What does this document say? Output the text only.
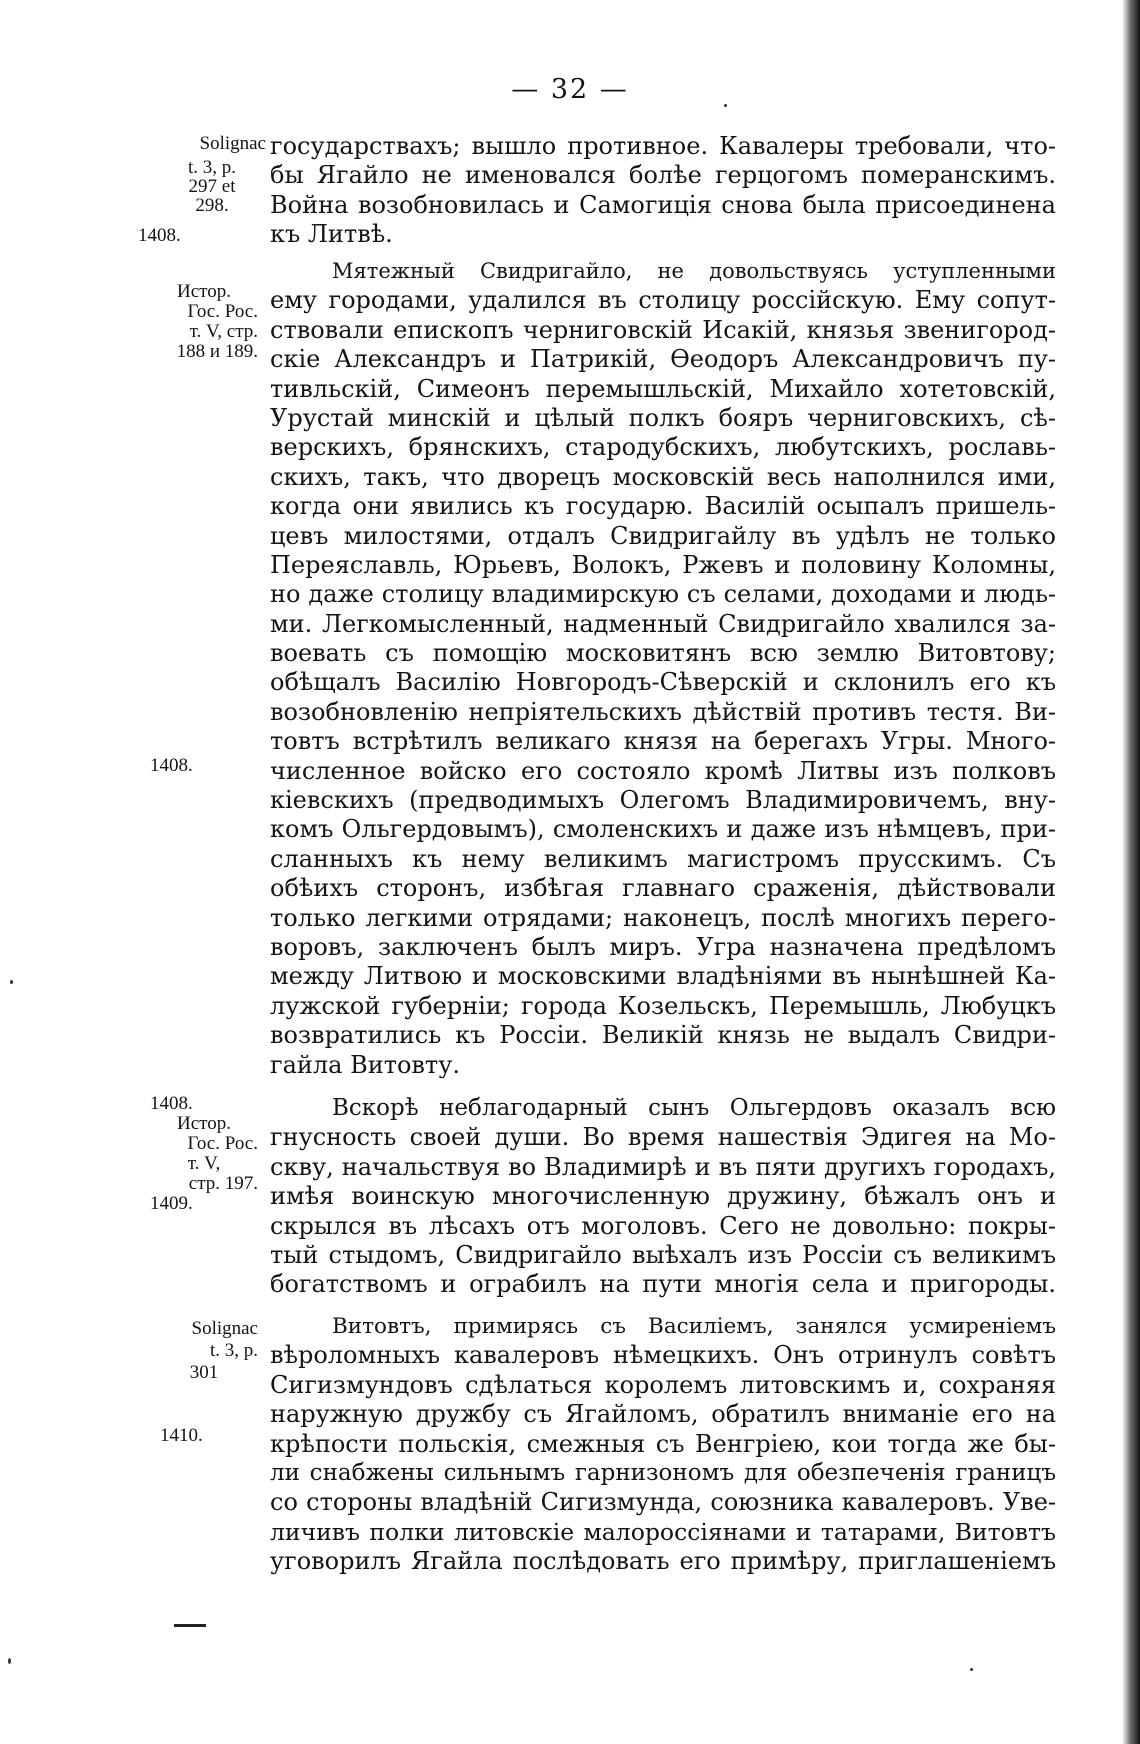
— 32 —
Solignac
t. 3, p.
297 et
298.
1408.
Истор.
Гос. Рос.
т. V, стр.
188 и 189.
1408.
1408.
Истор.
Гос. Рос.
т. V,
стр. 197.
1409.
Solignac
t. 3, p.
301
1410.
государствахъ; вышло противное. Кавалеры требовали, что-
бы Ягайло не именовался болѣе герцогомъ померанскимъ.
Война возобновилась и Самогицiя снова была присоединена
къ Литвѣ.
Мятежный Свидригайло, не довольствуясь уступленными
ему городами, удалился въ столицу россiйскую. Ему сопут-
ствовали епископъ черниговскiй Исакiй, князья звенигород-
скiе Александръ и Патрикiй, Ѳеодоръ Александровичъ пу-
тивльскiй, Симеонъ перемышльскiй, Михайло хотетовскiй,
Урустай минскiй и цѣлый полкъ бояръ черниговскихъ, сѣ-
верскихъ, брянскихъ, стародубскихъ, любутскихъ, рославь-
скихъ, такъ, что дворецъ московскiй весь наполнился ими,
когда они явились къ государю. Василiй осыпалъ пришель-
цевъ милостями, отдалъ Свидригайлу въ удѣлъ не только
Переяславль, Юрьевъ, Волокъ, Ржевъ и половину Коломны,
но даже столицу владимирскую съ селами, доходами и людь-
ми. Легкомысленный, надменный Свидригайло хвалился за-
воевать съ помощiю московитянъ всю землю Витовтову;
обѣщалъ Василiю Новгородъ-Сѣверскiй и склонилъ его къ
возобновленiю непрiятельскихъ дѣйствiй противъ тестя. Ви-
товтъ встрѣтилъ великаго князя на берегахъ Угры. Много-
численное войско его состояло кромѣ Литвы изъ полковъ
кiевскихъ (предводимыхъ Олегомъ Владимировичемъ, вну-
комъ Ольгердовымъ), смоленскихъ и даже изъ нѣмцевъ, при-
сланныхъ къ нему великимъ магистромъ прусскимъ. Съ
обѣихъ сторонъ, избѣгая главнаго сраженiя, дѣйствовали
только легкими отрядами; наконецъ, послѣ многихъ перего-
воровъ, заключенъ былъ миръ. Угра назначена предѣломъ
между Литвою и московскими владѣнiями въ нынѣшней Ка-
лужской губернiи; города Козельскъ, Перемышль, Любуцкъ
возвратились къ Россiи. Великiй князь не выдалъ Свидри-
гайла Витовту.
Вскорѣ неблагодарный сынъ Ольгердовъ оказалъ всю
гнусность своей души. Во время нашествiя Эдигея на Мо-
скву, начальствуя во Владимирѣ и въ пяти другихъ городахъ,
имѣя воинскую многочисленную дружину, бѣжалъ онъ и
скрылся въ лѣсахъ отъ моголовъ. Сего не довольно: покры-
тый стыдомъ, Свидригайло выѣхалъ изъ Россiи съ великимъ
богатствомъ и ограбилъ на пути многiя села и пригороды.
Витовтъ, примирясь съ Василiемъ, занялся усмиренiемъ
вѣроломныхъ кавалеровъ нѣмецкихъ. Онъ отринулъ совѣтъ
Сигизмундовъ сдѣлаться королемъ литовскимъ и, сохраняя
наружную дружбу съ Ягайломъ, обратилъ вниманiе его на
крѣпости польскiя, смежныя съ Венгрiею, кои тогда же бы-
ли снабжены сильнымъ гарнизономъ для обезпеченiя границъ
со стороны владѣнiй Сигизмунда, союзника кавалеровъ. Уве-
личивъ полки литовскiе малороссiянами и татарами, Витовтъ
уговорилъ Ягайла послѣдовать его примѣру, приглашенiемъ
